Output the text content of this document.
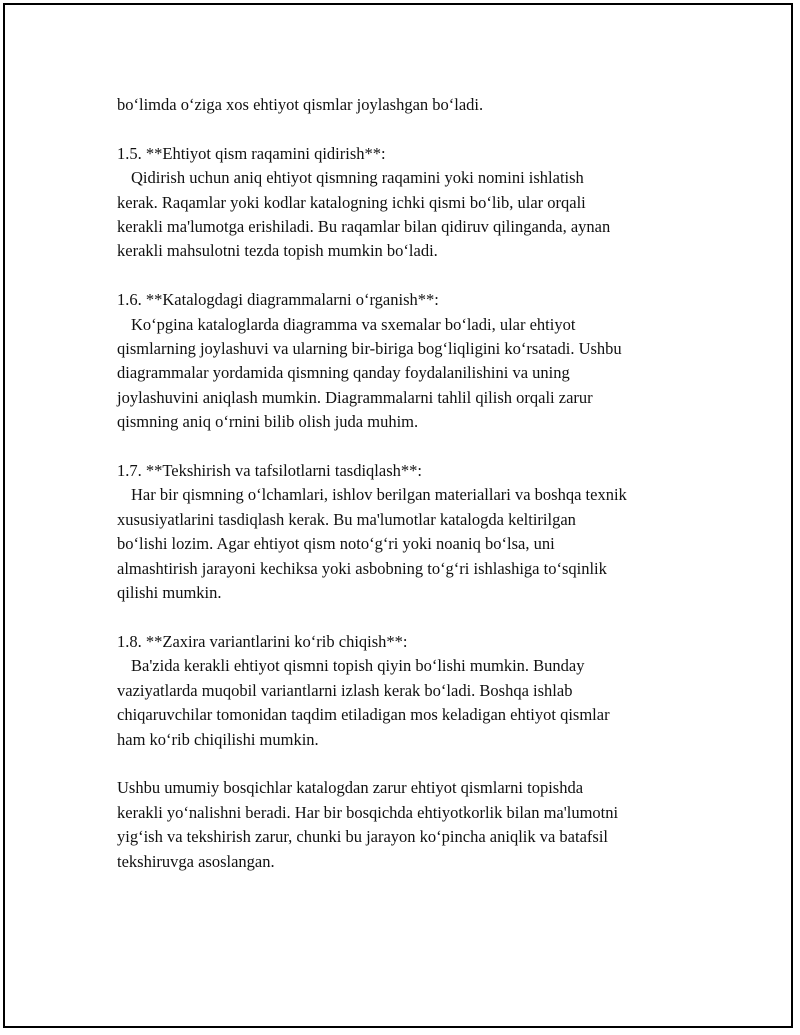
bo‘limda o‘ziga xos ehtiyot qismlar joylashgan bo‘ladi.
1.5. **Ehtiyot qism raqamini qidirish**:
Qidirish uchun aniq ehtiyot qismning raqamini yoki nomini ishlatish
kerak. Raqamlar yoki kodlar katalogning ichki qismi bo‘lib, ular orqali
kerakli ma'lumotga erishiladi. Bu raqamlar bilan qidiruv qilinganda, aynan
kerakli mahsulotni tezda topish mumkin bo‘ladi.
1.6. **Katalogdagi diagrammalarni o‘rganish**:
Ko‘pgina kataloglarda diagramma va sxemalar bo‘ladi, ular ehtiyot
qismlarning joylashuvi va ularning bir-biriga bog‘liqligini ko‘rsatadi. Ushbu
diagrammalar yordamida qismning qanday foydalanilishini va uning
joylashuvini aniqlash mumkin. Diagrammalarni tahlil qilish orqali zarur
qismning aniq o‘rnini bilib olish juda muhim.
1.7. **Tekshirish va tafsilotlarni tasdiqlash**:
Har bir qismning o‘lchamlari, ishlov berilgan materiallari va boshqa texnik
xususiyatlarini tasdiqlash kerak. Bu ma'lumotlar katalogda keltirilgan
bo‘lishi lozim. Agar ehtiyot qism noto‘g‘ri yoki noaniq bo‘lsa, uni
almashtirish jarayoni kechiksa yoki asbobning to‘g‘ri ishlashiga to‘sqinlik
qilishi mumkin.
1.8. **Zaxira variantlarini ko‘rib chiqish**:
Ba'zida kerakli ehtiyot qismni topish qiyin bo‘lishi mumkin. Bunday
vaziyatlarda muqobil variantlarni izlash kerak bo‘ladi. Boshqa ishlab
chiqaruvchilar tomonidan taqdim etiladigan mos keladigan ehtiyot qismlar
ham ko‘rib chiqilishi mumkin.
Ushbu umumiy bosqichlar katalogdan zarur ehtiyot qismlarni topishda
kerakli yo‘nalishni beradi. Har bir bosqichda ehtiyotkorlik bilan ma'lumotni
yig‘ish va tekshirish zarur, chunki bu jarayon ko‘pincha aniqlik va batafsil
tekshiruvga asoslangan.
